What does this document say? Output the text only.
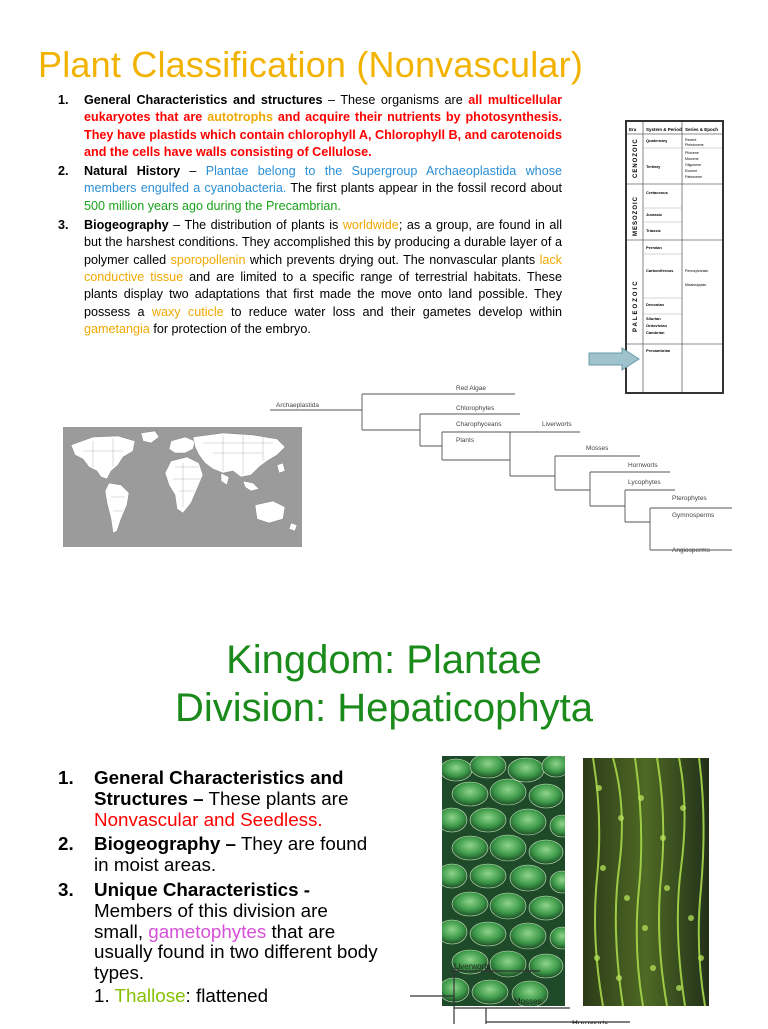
Plant Classification (Nonvascular)
1. General Characteristics and structures – These organisms are all multicellular eukaryotes that are autotrophs and acquire their nutrients by photosynthesis. They have plastids which contain chlorophyll A, Chlorophyll B, and carotenoids and the cells have walls consisting of Cellulose.
2. Natural History – Plantae belong to the Supergroup Archaeoplastida whose members engulfed a cyanobacteria. The first plants appear in the fossil record about 500 million years ago during the Precambrian.
3. Biogeography – The distribution of plants is worldwide; as a group, are found in all but the harshest conditions. They accomplished this by producing a durable layer of a polymer called sporopollenin which prevents drying out. The nonvascular plants lack conductive tissue and are limited to a specific range of terrestrial habitats. These plants display two adaptations that first made the move onto land possible. They possess a waxy cuticle to reduce water loss and their gametes develop within gametangia for protection of the embryo.
Era System & Period Series & Epoch
CENOZOIC
MESOZOIC
PALEOZOIC
Quaternary
Tertiary
Cretaceous
Jurassic
Triassic
Permian
Carboniferous
Devonian
Silurian
Ordovician
Cambrian
Precambrian
Recent
Pleistocene
Pliocene
Miocene
Oligocene
Eocene
Paleocene
Pennsylvanian
Mississippian
Red Algae
Archaeplastida	Chlorophytes
Charophyceans
Plants
Liverworts
Mosses
Hornworts
Lycophytes
Pterophytes
Gymnosperms
Angiosperms
Kingdom: Plantae
Division: Hepaticophyta
1. General Characteristics and Structures – These plants are Nonvascular and Seedless.
2. Biogeography – They are found in moist areas.
3. Unique Characteristics - Members of this division are small, gametophytes that are usually found in two different body types.
1. Thallose: flattened
Liverworts
Mosses
Hornworts
